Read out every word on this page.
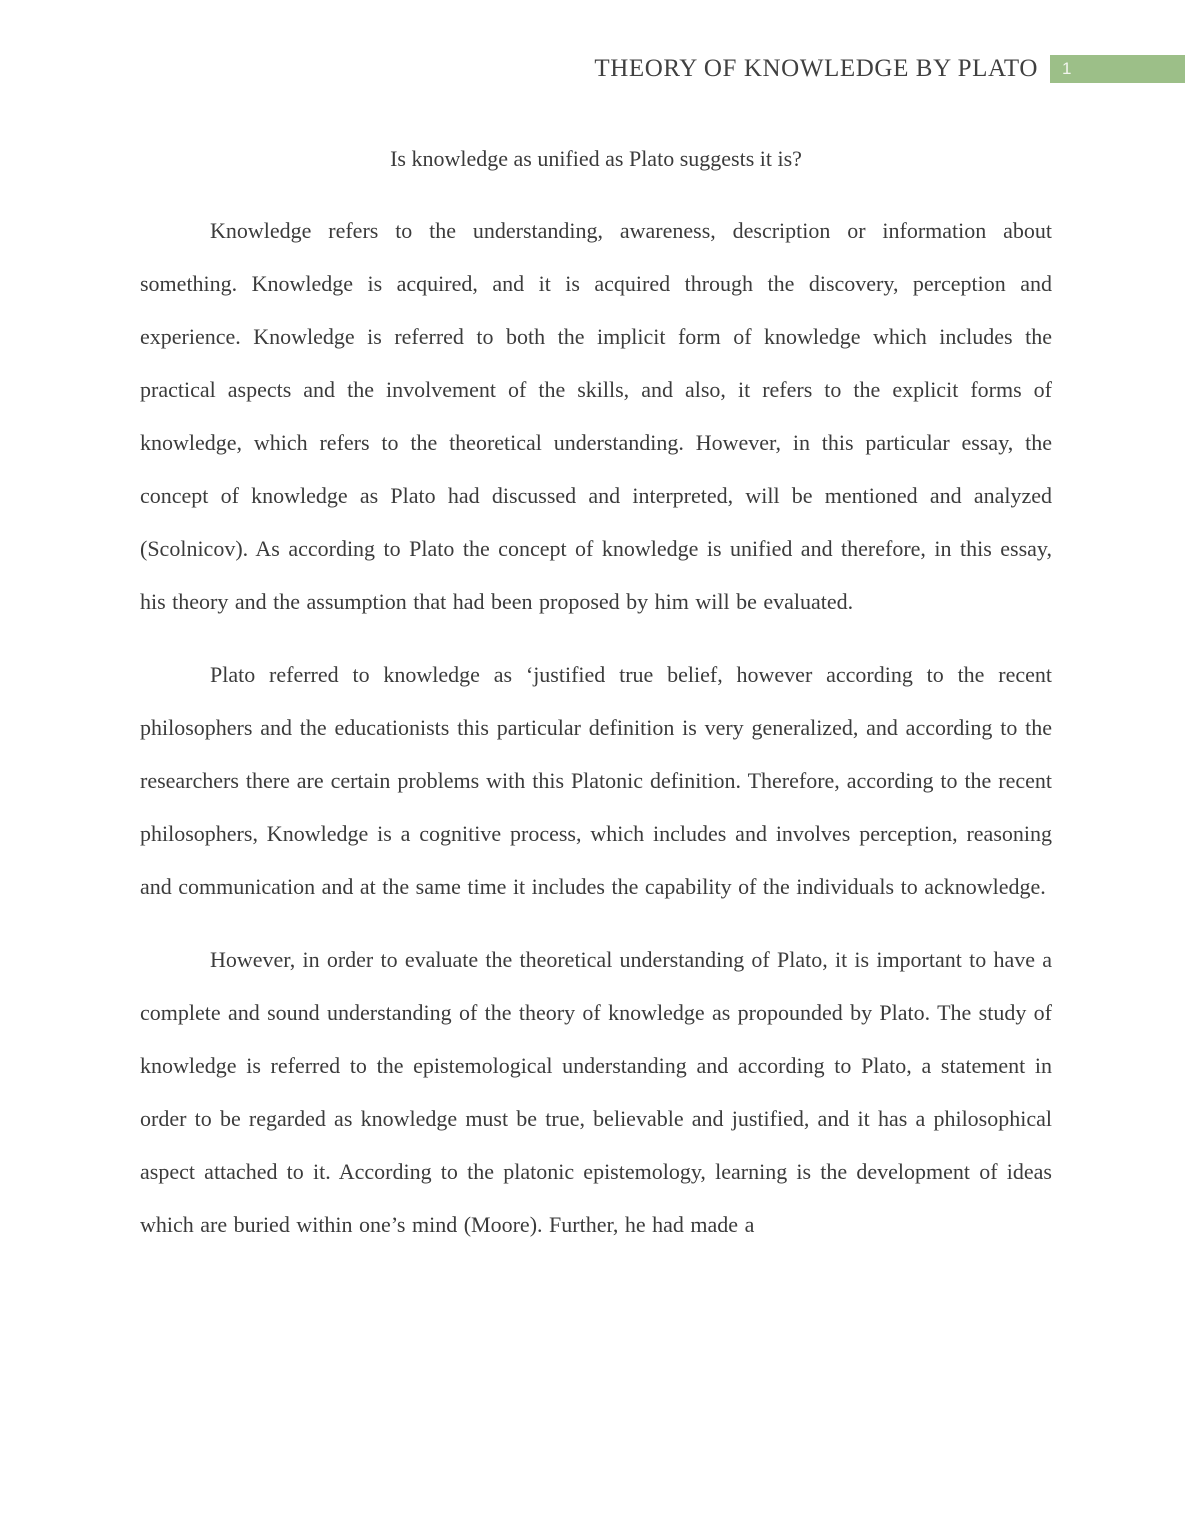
THEORY OF KNOWLEDGE BY PLATO	1
Is knowledge as unified as Plato suggests it is?

Knowledge refers to the understanding, awareness, description or information about something. Knowledge is acquired, and it is acquired through the discovery, perception and experience. Knowledge is referred to both the implicit form of knowledge which includes the practical aspects and the involvement of the skills, and also, it refers to the explicit forms of knowledge, which refers to the theoretical understanding. However, in this particular essay, the concept of knowledge as Plato had discussed and interpreted, will be mentioned and analyzed (Scolnicov). As according to Plato the concept of knowledge is unified and therefore, in this essay, his theory and the assumption that had been proposed by him will be evaluated.

Plato referred to knowledge as ‘justified true belief, however according to the recent philosophers and the educationists this particular definition is very generalized, and according to the researchers there are certain problems with this Platonic definition. Therefore, according to the recent philosophers, Knowledge is a cognitive process, which includes and involves perception, reasoning and communication and at the same time it includes the capability of the individuals to acknowledge.

However, in order to evaluate the theoretical understanding of Plato, it is important to have a complete and sound understanding of the theory of knowledge as propounded by Plato. The study of knowledge is referred to the epistemological understanding and according to Plato, a statement in order to be regarded as knowledge must be true, believable and justified, and it has a philosophical aspect attached to it. According to the platonic epistemology, learning is the development of ideas which are buried within one’s mind (Moore). Further, he had made a
